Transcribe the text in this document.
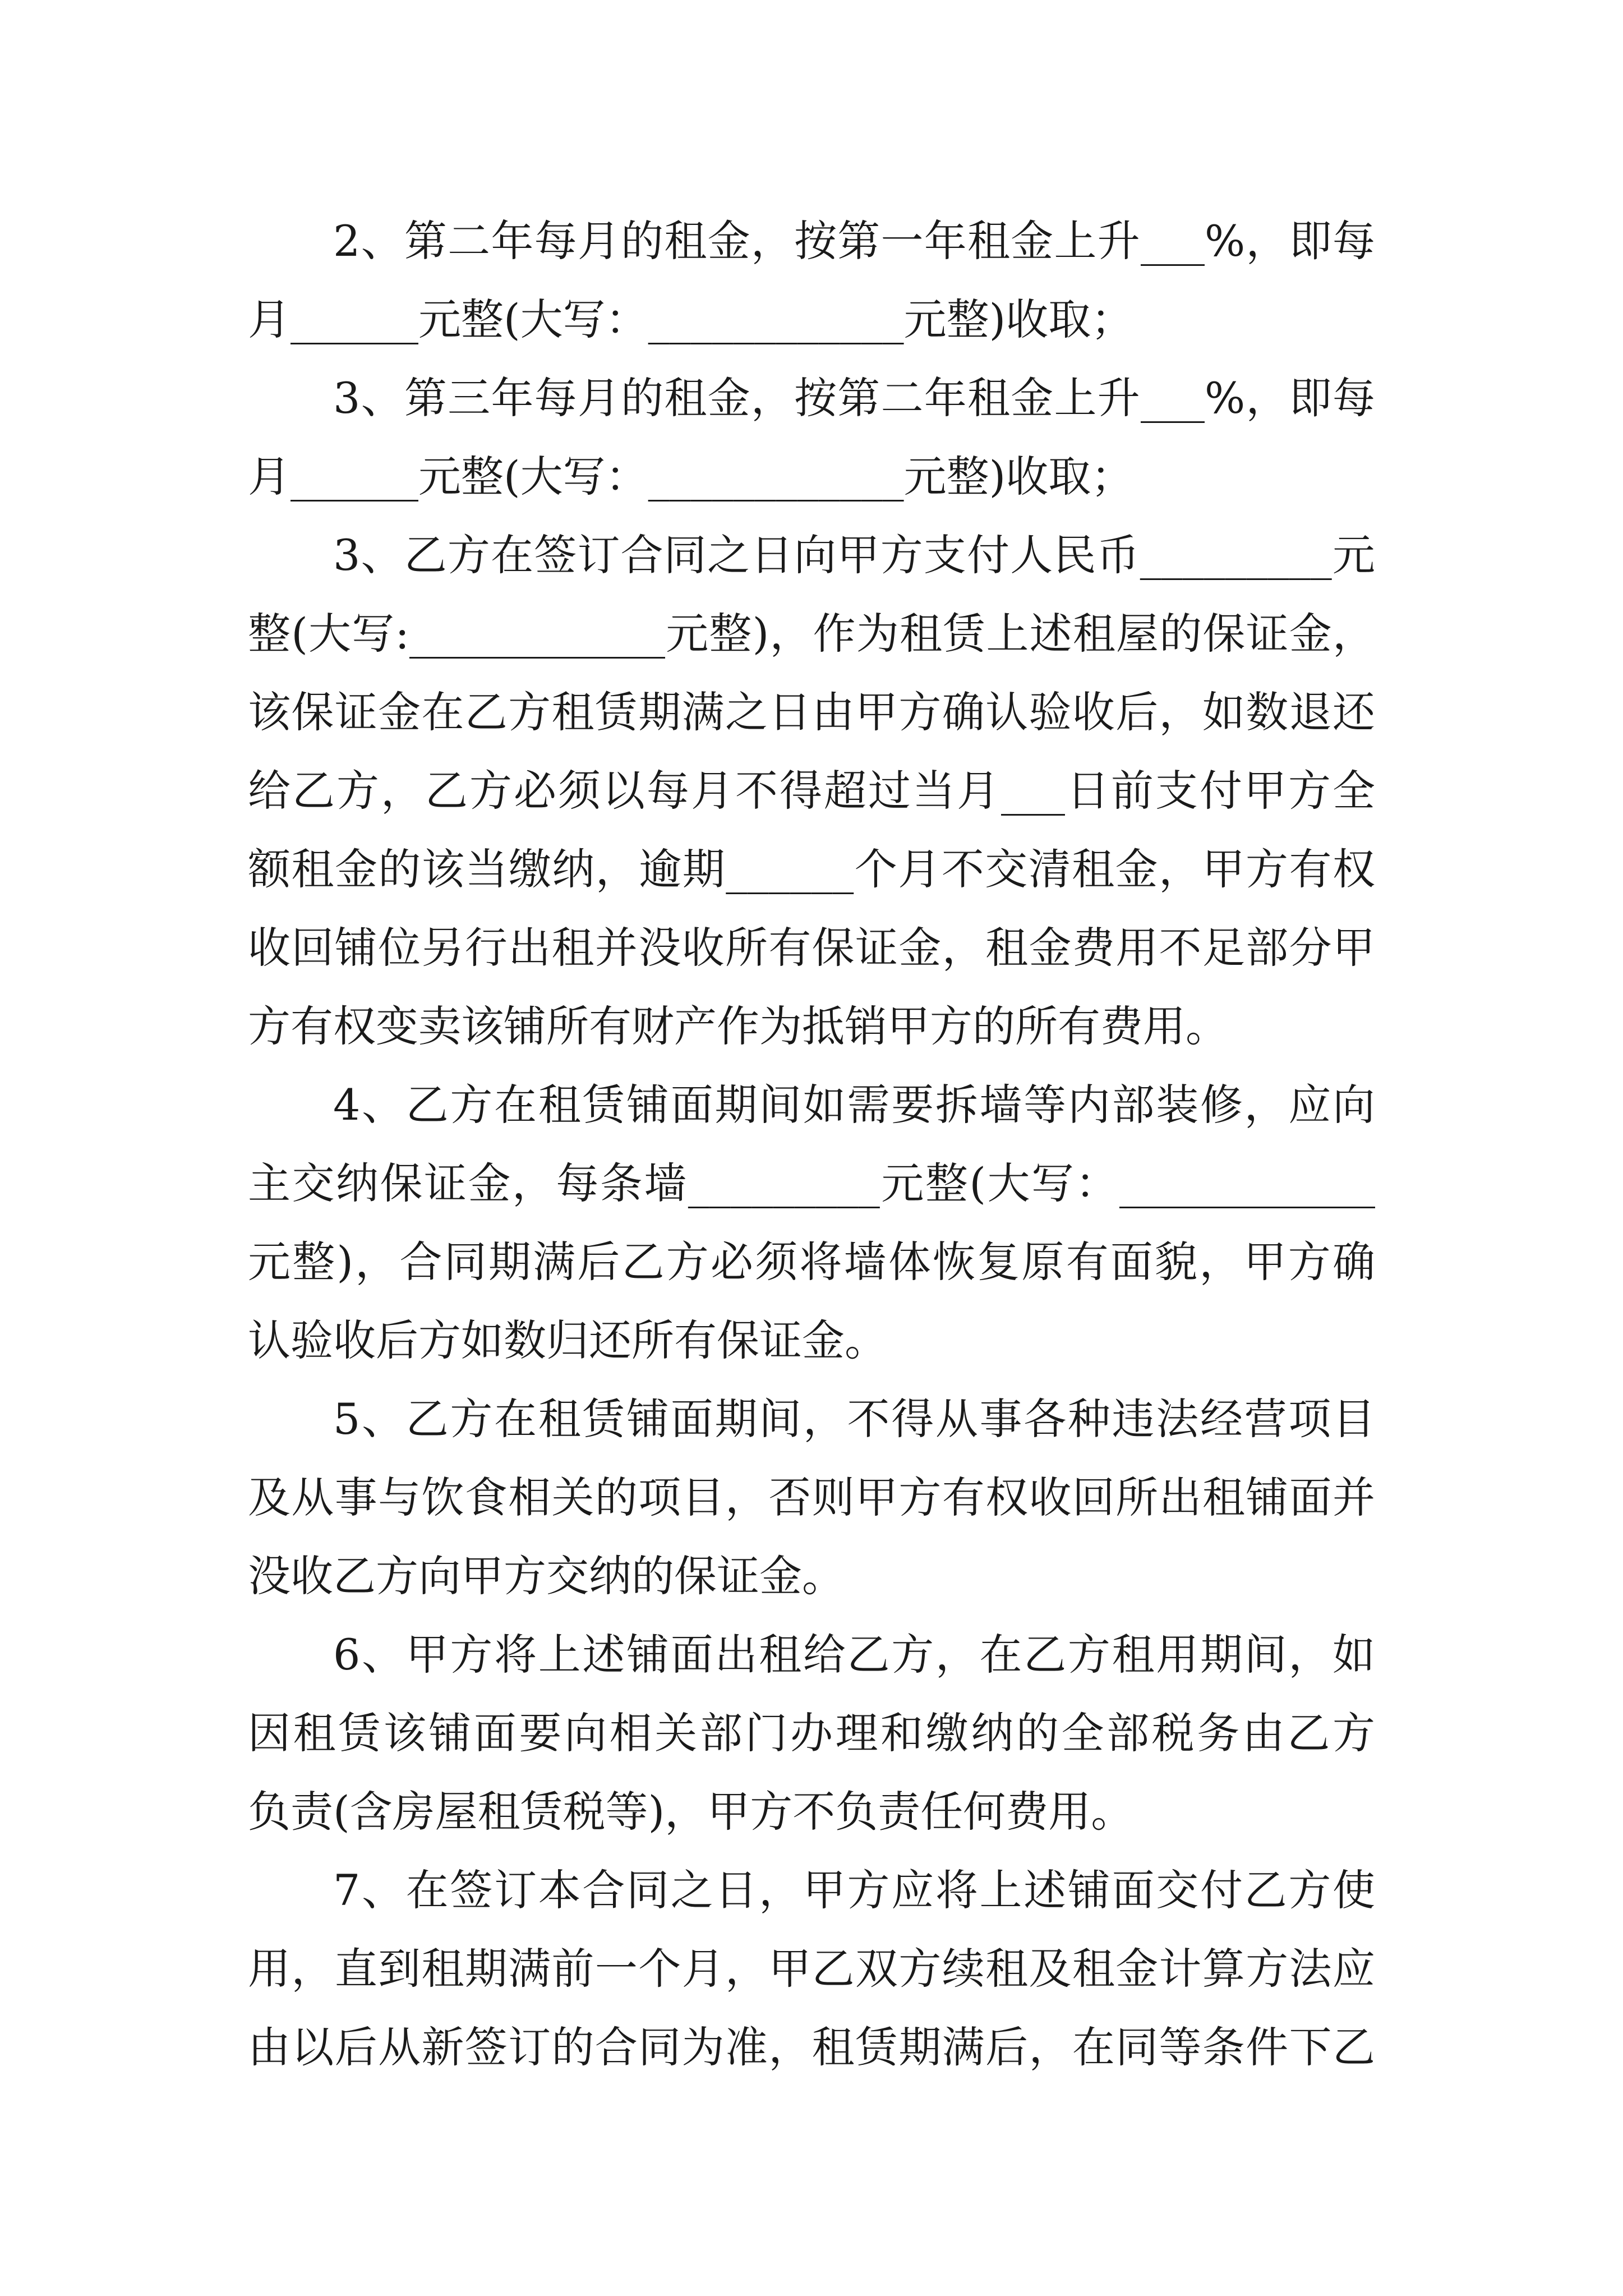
2、第二年每月的租金，按第一年租金上升___%，即每
月______元整(大写：____________元整)收取；
3、第三年每月的租金，按第二年租金上升___%，即每
月______元整(大写：____________元整)收取；
3、乙方在签订合同之日向甲方支付人民币_________元
整(大写:____________元整)，作为租赁上述租屋的保证金，
该保证金在乙方租赁期满之日由甲方确认验收后，如数退还
给乙方，乙方必须以每月不得超过当月___日前支付甲方全
额租金的该当缴纳，逾期______个月不交清租金，甲方有权
收回铺位另行出租并没收所有保证金，租金费用不足部分甲
方有权变卖该铺所有财产作为抵销甲方的所有费用。
4、乙方在租赁铺面期间如需要拆墙等内部装修，应向
主交纳保证金，每条墙_________元整(大写：____________
元整)，合同期满后乙方必须将墙体恢复原有面貌，甲方确
认验收后方如数归还所有保证金。
5、乙方在租赁铺面期间，不得从事各种违法经营项目
及从事与饮食相关的项目，否则甲方有权收回所出租铺面并
没收乙方向甲方交纳的保证金。
6、甲方将上述铺面出租给乙方，在乙方租用期间，如
因租赁该铺面要向相关部门办理和缴纳的全部税务由乙方
负责(含房屋租赁税等)，甲方不负责任何费用。
7、在签订本合同之日，甲方应将上述铺面交付乙方使
用，直到租期满前一个月，甲乙双方续租及租金计算方法应
由以后从新签订的合同为准，租赁期满后，在同等条件下乙
